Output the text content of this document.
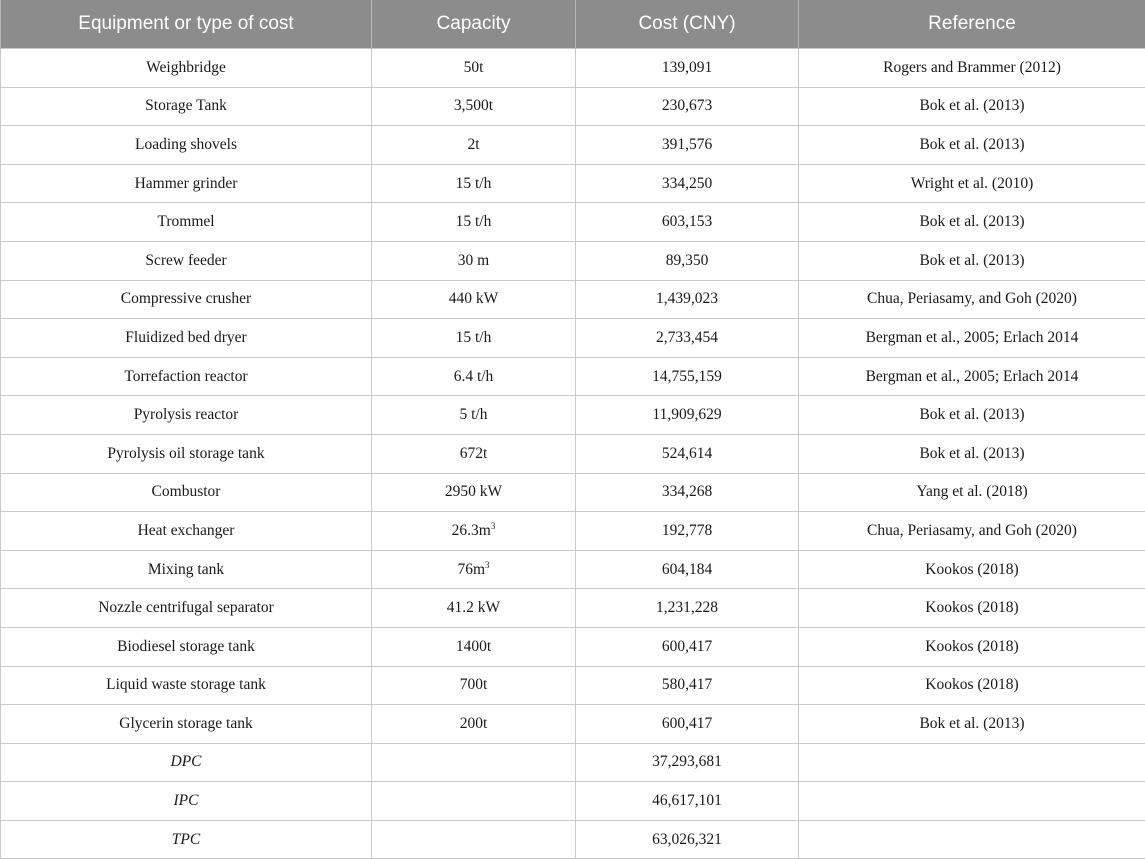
Equipment or type of cost	Capacity	Cost (CNY)	Reference
Weighbridge	50t	139,091	Rogers and Brammer (2012)
Storage Tank	3,500t	230,673	Bok et al. (2013)
Loading shovels	2t	391,576	Bok et al. (2013)
Hammer grinder	15 t/h	334,250	Wright et al. (2010)
Trommel	15 t/h	603,153	Bok et al. (2013)
Screw feeder	30 m	89,350	Bok et al. (2013)
Compressive crusher	440 kW	1,439,023	Chua, Periasamy, and Goh (2020)
Fluidized bed dryer	15 t/h	2,733,454	Bergman et al., 2005; Erlach 2014
Torrefaction reactor	6.4 t/h	14,755,159	Bergman et al., 2005; Erlach 2014
Pyrolysis reactor	5 t/h	11,909,629	Bok et al. (2013)
Pyrolysis oil storage tank	672t	524,614	Bok et al. (2013)
Combustor	2950 kW	334,268	Yang et al. (2018)
Heat exchanger	$26.3m^3$	192,778	Chua, Periasamy, and Goh (2020)
Mixing tank	$76m^3$	604,184	Kookos (2018)
Nozzle centrifugal separator	41.2 kW	1,231,228	Kookos (2018)
Biodiesel storage tank	1400t	600,417	Kookos (2018)
Liquid waste storage tank	700t	580,417	Kookos (2018)
Glycerin storage tank	200t	600,417	Bok et al. (2013)
DPC		37,293,681	
IPC		46,617,101	
TPC		63,026,321	
